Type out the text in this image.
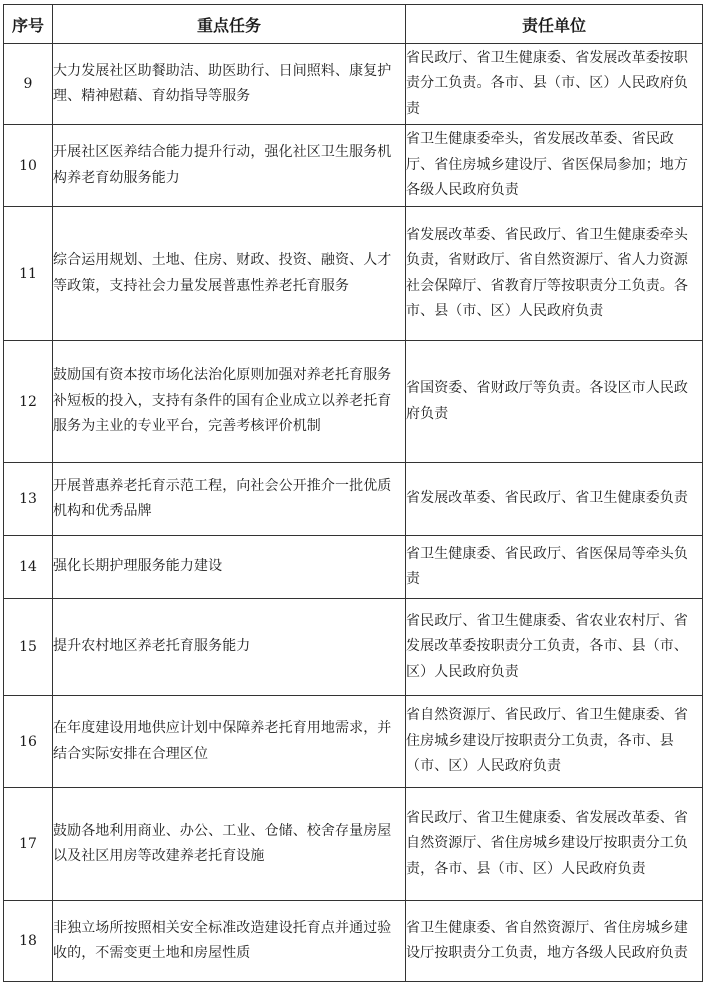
序号	重点任务	责任单位
9	大力发展社区助餐助洁、助医助行、日间照料、康复护理、精神慰藉、育幼指导等服务	省民政厅、省卫生健康委、省发展改革委按职责分工负责。各市、县（市、区）人民政府负责

10	开展社区医养结合能力提升行动，强化社区卫生服务机构养老育幼服务能力	省卫生健康委牵头，省发展改革委、省民政厅、省住房城乡建设厅、省医保局参加；地方各级人民政府负责

11	综合运用规划、土地、住房、财政、投资、融资、人才等政策，支持社会力量发展普惠性养老托育服务	省发展改革委、省民政厅、省卫生健康委牵头负责，省财政厅、省自然资源厅、省人力资源社会保障厅、省教育厅等按职责分工负责。各市、县（市、区）人民政府负责

12	鼓励国有资本按市场化法治化原则加强对养老托育服务补短板的投入，支持有条件的国有企业成立以养老托育服务为主业的专业平台，完善考核评价机制	省国资委、省财政厅等负责。各设区市人民政府负责

13	开展普惠养老托育示范工程，向社会公开推介一批优质机构和优秀品牌	省发展改革委、省民政厅、省卫生健康委负责

14	强化长期护理服务能力建设	省卫生健康委、省民政厅、省医保局等牵头负责

15	提升农村地区养老托育服务能力	省民政厅、省卫生健康委、省农业农村厅、省发展改革委按职责分工负责，各市、县（市、区）人民政府负责

16	在年度建设用地供应计划中保障养老托育用地需求，并结合实际安排在合理区位	省自然资源厅、省民政厅、省卫生健康委、省住房城乡建设厅按职责分工负责，各市、县（市、区）人民政府负责

17	鼓励各地利用商业、办公、工业、仓储、校舍存量房屋以及社区用房等改建养老托育设施	省民政厅、省卫生健康委、省发展改革委、省自然资源厅、省住房城乡建设厅按职责分工负责，各市、县（市、区）人民政府负责

18	非独立场所按照相关安全标准改造建设托育点并通过验收的，不需变更土地和房屋性质	省卫生健康委、省自然资源厅、省住房城乡建设厅按职责分工负责，地方各级人民政府负责
